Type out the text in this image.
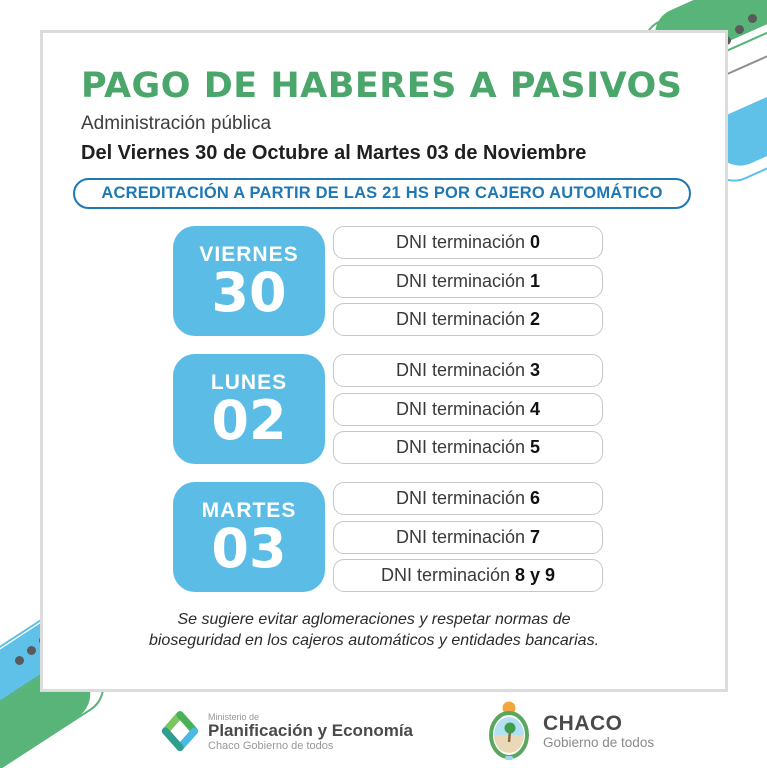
PAGO DE HABERES A PASIVOS
Administración pública
Del Viernes 30 de Octubre al Martes 03 de Noviembre
ACREDITACIÓN A PARTIR DE LAS 21 HS POR CAJERO AUTOMÁTICO
VIERNES
30
DNI terminación 0
DNI terminación 1
DNI terminación 2
LUNES
02
DNI terminación 3
DNI terminación 4
DNI terminación 5
MARTES
03
DNI terminación 6
DNI terminación 7
DNI terminación 8 y 9
Se sugiere evitar aglomeraciones y respetar normas de bioseguridad en los cajeros automáticos y entidades bancarias.
Ministerio de
Planificación y Economía
Chaco Gobierno de todos
CHACO
Gobierno de todos
